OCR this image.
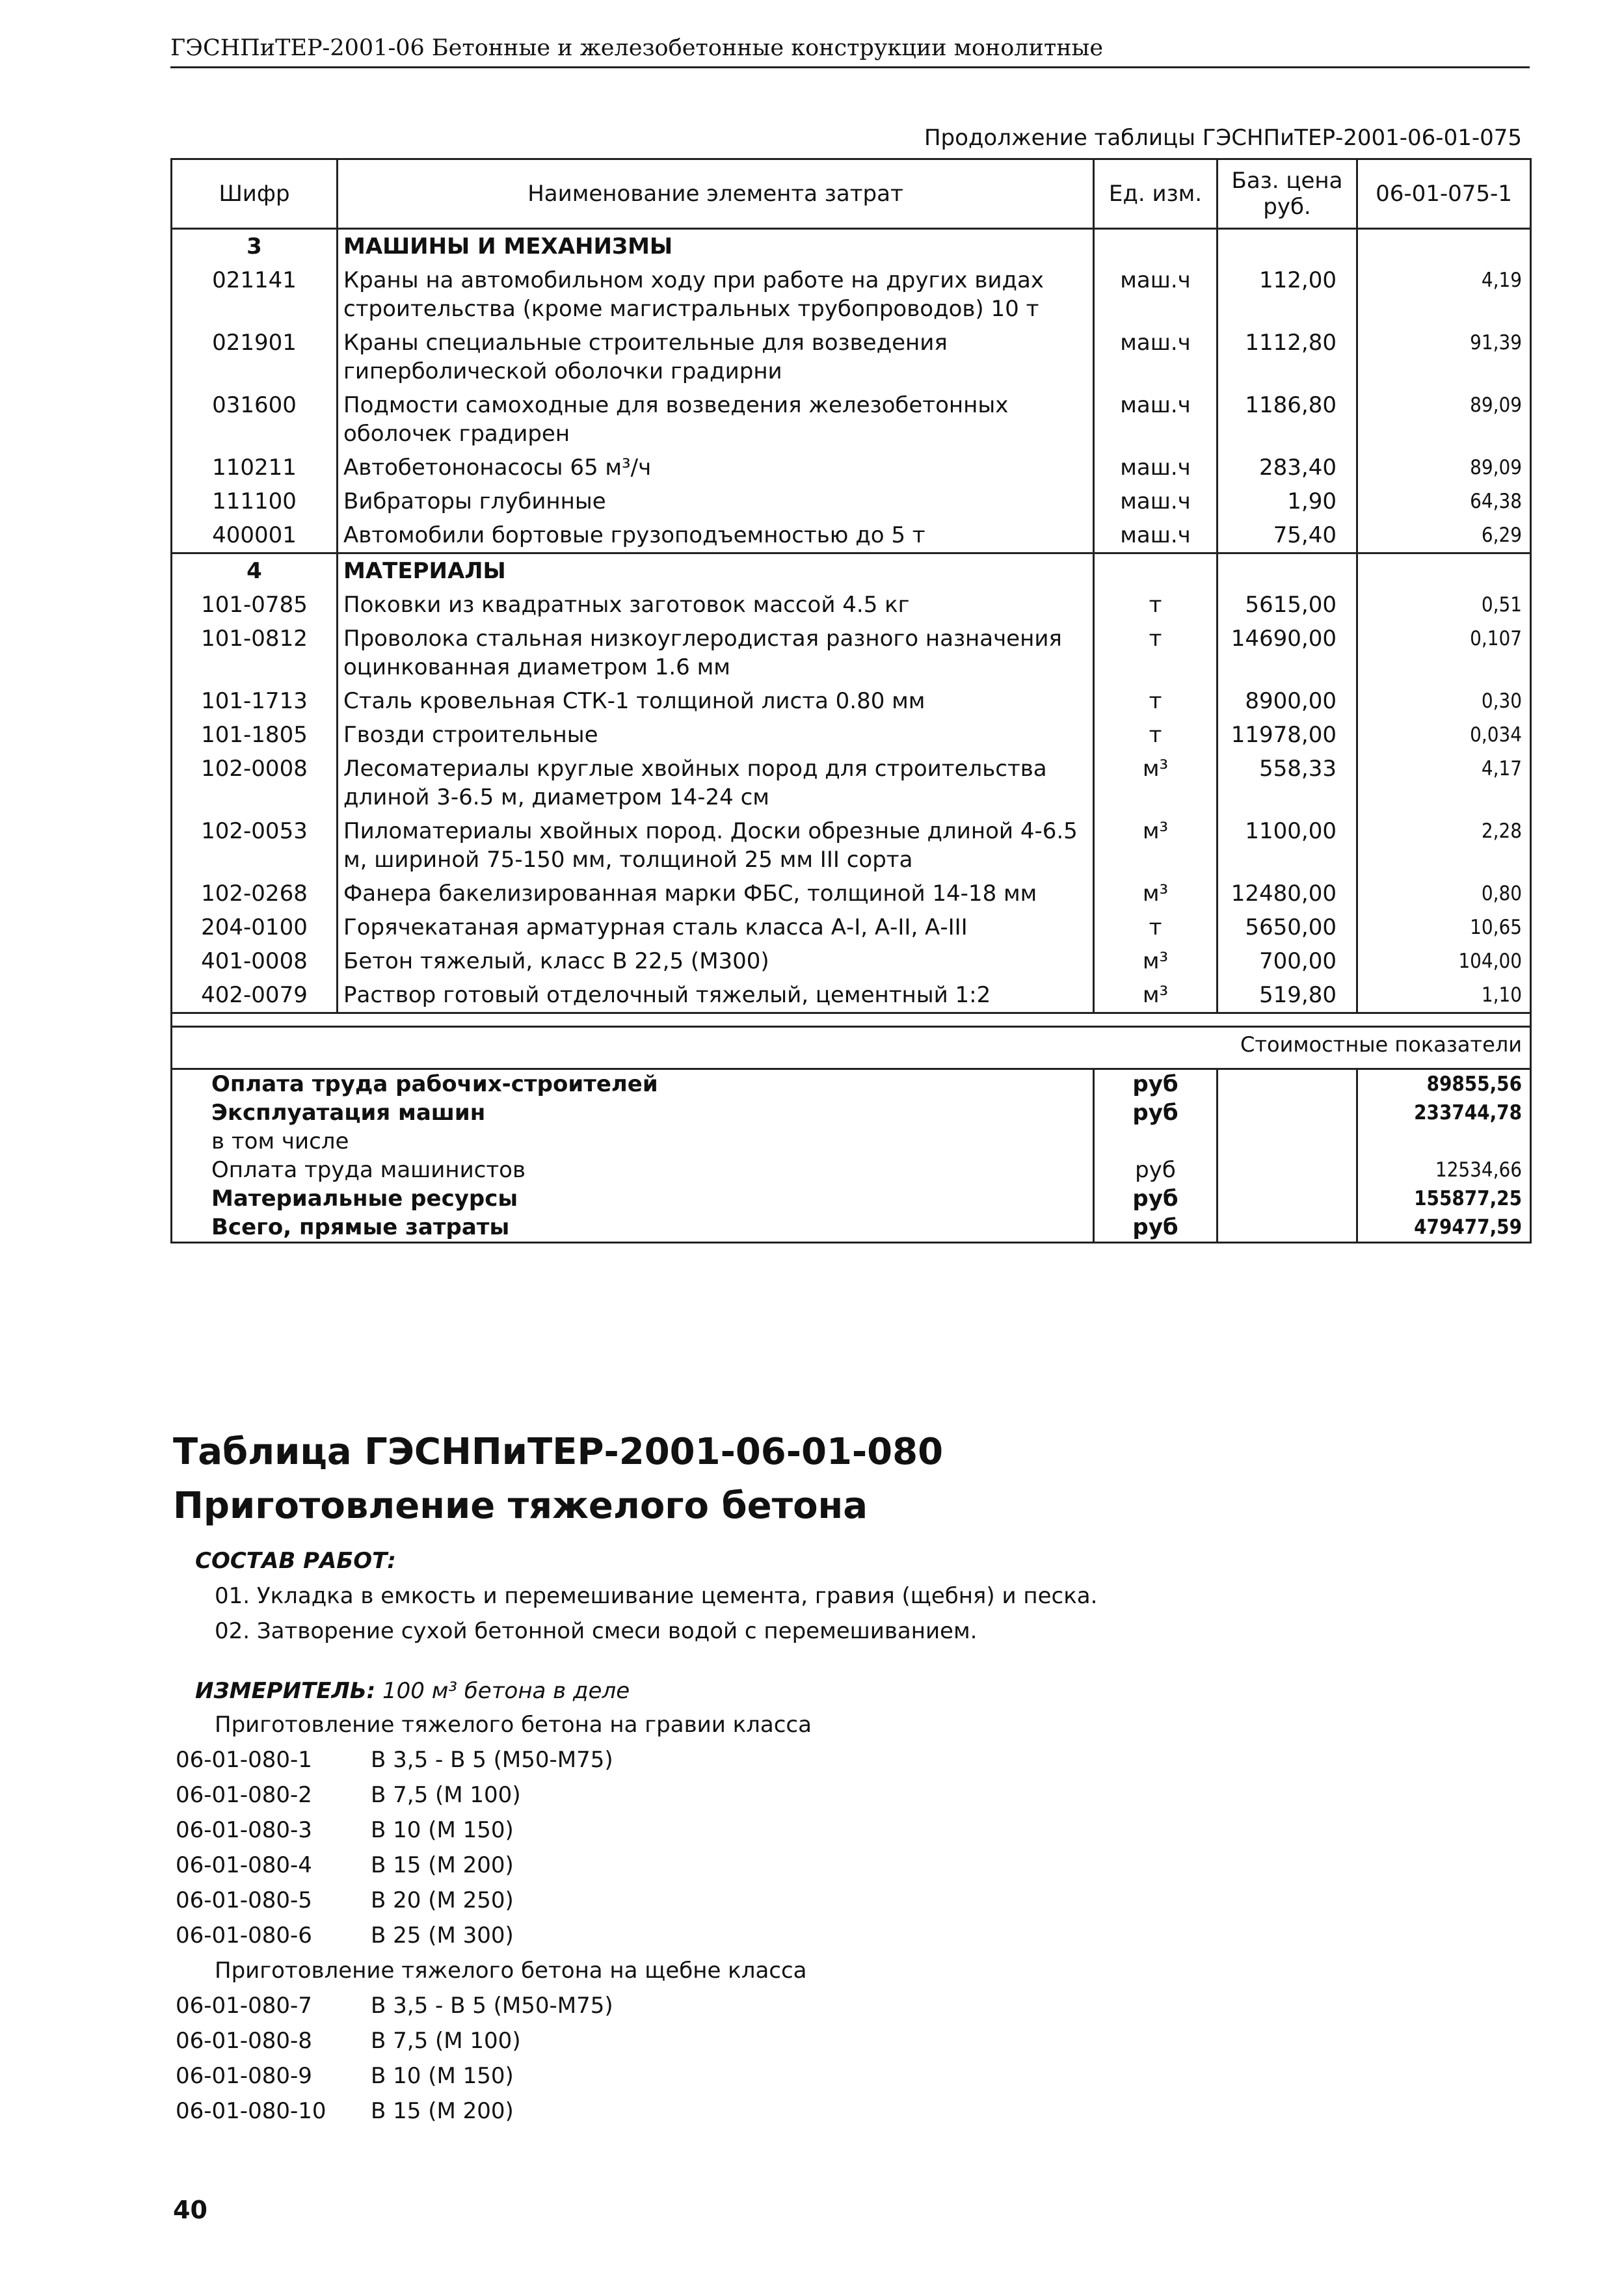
ГЭСНПиТЕР-2001-06 Бетонные и железобетонные конструкции монолитные
Продолжение таблицы ГЭСНПиТЕР-2001-06-01-075
Шифр	Наименование элемента затрат	Ед. изм.	Баз. цена руб.	06-01-075-1
3	МАШИНЫ И МЕХАНИЗМЫ			
021141	Краны на автомобильном ходу при работе на других видах строительства (кроме магистральных трубопроводов) 10 т	маш.ч	112,00	4,19
021901	Краны специальные строительные для возведения гиперболической оболочки градирни	маш.ч	1112,80	91,39
031600	Подмости самоходные для возведения железобетонных оболочек градирен	маш.ч	1186,80	89,09
110211	Автобетононасосы 65 м³/ч	маш.ч	283,40	89,09
111100	Вибраторы глубинные	маш.ч	1,90	64,38
400001	Автомобили бортовые грузоподъемностью до 5 т	маш.ч	75,40	6,29
4	МАТЕРИАЛЫ			
101-0785	Поковки из квадратных заготовок массой 4.5 кг	т	5615,00	0,51
101-0812	Проволока стальная низкоуглеродистая разного назначения оцинкованная диаметром 1.6 мм	т	14690,00	0,107
101-1713	Сталь кровельная СТК-1 толщиной листа 0.80 мм	т	8900,00	0,30
101-1805	Гвозди строительные	т	11978,00	0,034
102-0008	Лесоматериалы круглые хвойных пород для строительства длиной 3-6.5 м, диаметром 14-24 см	м³	558,33	4,17
102-0053	Пиломатериалы хвойных пород. Доски обрезные длиной 4-6.5 м, шириной 75-150 мм, толщиной 25 мм III сорта	м³	1100,00	2,28
102-0268	Фанера бакелизированная марки ФБС, толщиной 14-18 мм	м³	12480,00	0,80
204-0100	Горячекатаная арматурная сталь класса А-I, А-II, А-III	т	5650,00	10,65
401-0008	Бетон тяжелый, класс В 22,5 (М300)	м³	700,00	104,00
402-0079	Раствор готовый отделочный тяжелый, цементный 1:2	м³	519,80	1,10

Стоимостные показатели				
Оплата труда рабочих-строителей		руб		89855,56
Эксплуатация машин		руб		233744,78
в том числе				
Оплата труда машинистов		руб		12534,66
Материальные ресурсы		руб		155877,25
Всего, прямые затраты		руб		479477,59
Таблица ГЭСНПиТЕР-2001-06-01-080
Приготовление тяжелого бетона
СОСТАВ РАБОТ:
01. Укладка в емкость и перемешивание цемента, гравия (щебня) и песка.
02. Затворение сухой бетонной смеси водой с перемешиванием.
ИЗМЕРИТЕЛЬ: 100 м³ бетона в деле
Приготовление тяжелого бетона на гравии класса
06-01-080-1	В 3,5 - В 5 (М50-М75)
06-01-080-2	В 7,5 (М 100)
06-01-080-3	В 10 (М 150)
06-01-080-4	В 15 (М 200)
06-01-080-5	В 20 (М 250)
06-01-080-6	В 25 (М 300)
Приготовление тяжелого бетона на щебне класса
06-01-080-7	В 3,5 - В 5 (М50-М75)
06-01-080-8	В 7,5 (М 100)
06-01-080-9	В 10 (М 150)
06-01-080-10 В 15 (М 200)
40
